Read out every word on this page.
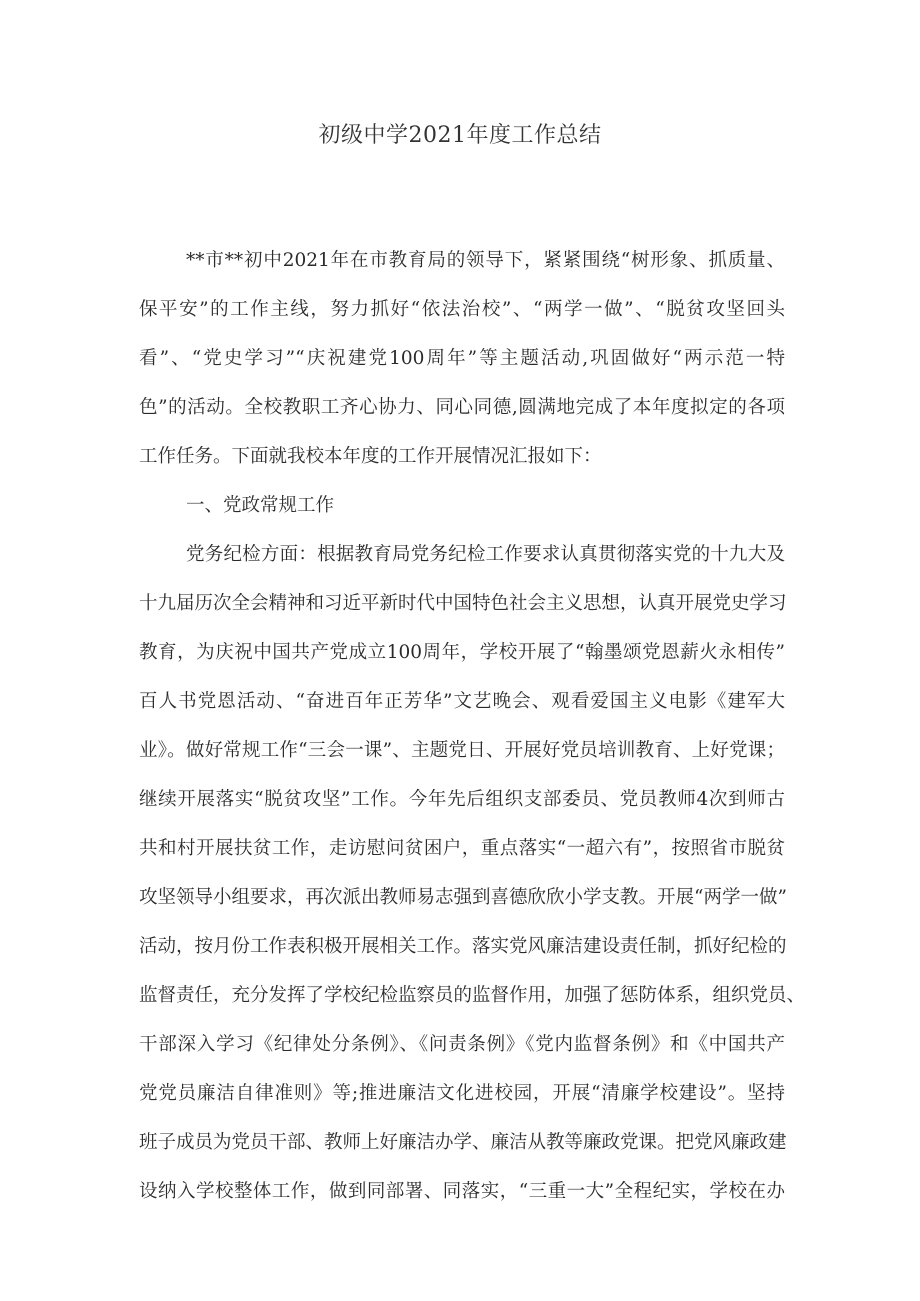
初级中学2021年度工作总结
**市**初中2021年在市教育局的领导下，紧紧围绕“树形象、抓质量、
保平安”的工作主线，努力抓好“依法治校”、“两学一做”、“脱贫攻坚回头
看”、“党史学习”“庆祝建党100周年”等主题活动,巩固做好“两示范一特
色”的活动。全校教职工齐心协力、同心同德,圆满地完成了本年度拟定的各项
工作任务。下面就我校本年度的工作开展情况汇报如下：
一、党政常规工作
党务纪检方面：根据教育局党务纪检工作要求认真贯彻落实党的十九大及
十九届历次全会精神和习近平新时代中国特色社会主义思想，认真开展党史学习
教育，为庆祝中国共产党成立100周年，学校开展了“翰墨颂党恩薪火永相传”
百人书党恩活动、“奋进百年正芳华”文艺晚会、观看爱国主义电影《建军大
业》。做好常规工作“三会一课”、主题党日、开展好党员培训教育、上好党课；
继续开展落实“脱贫攻坚”工作。今年先后组织支部委员、党员教师4次到师古
共和村开展扶贫工作，走访慰问贫困户，重点落实“一超六有”，按照省市脱贫
攻坚领导小组要求，再次派出教师易志强到喜德欣欣小学支教。开展“两学一做”
活动，按月份工作表积极开展相关工作。落实党风廉洁建设责任制，抓好纪检的
监督责任，充分发挥了学校纪检监察员的监督作用，加强了惩防体系，组织党员、
干部深入学习《纪律处分条例》、《问责条例》《党内监督条例》和《中国共产
党党员廉洁自律准则》等;推进廉洁文化进校园，开展“清廉学校建设”。坚持
班子成员为党员干部、教师上好廉洁办学、廉洁从教等廉政党课。把党风廉政建
设纳入学校整体工作，做到同部署、同落实，“三重一大”全程纪实，学校在办
